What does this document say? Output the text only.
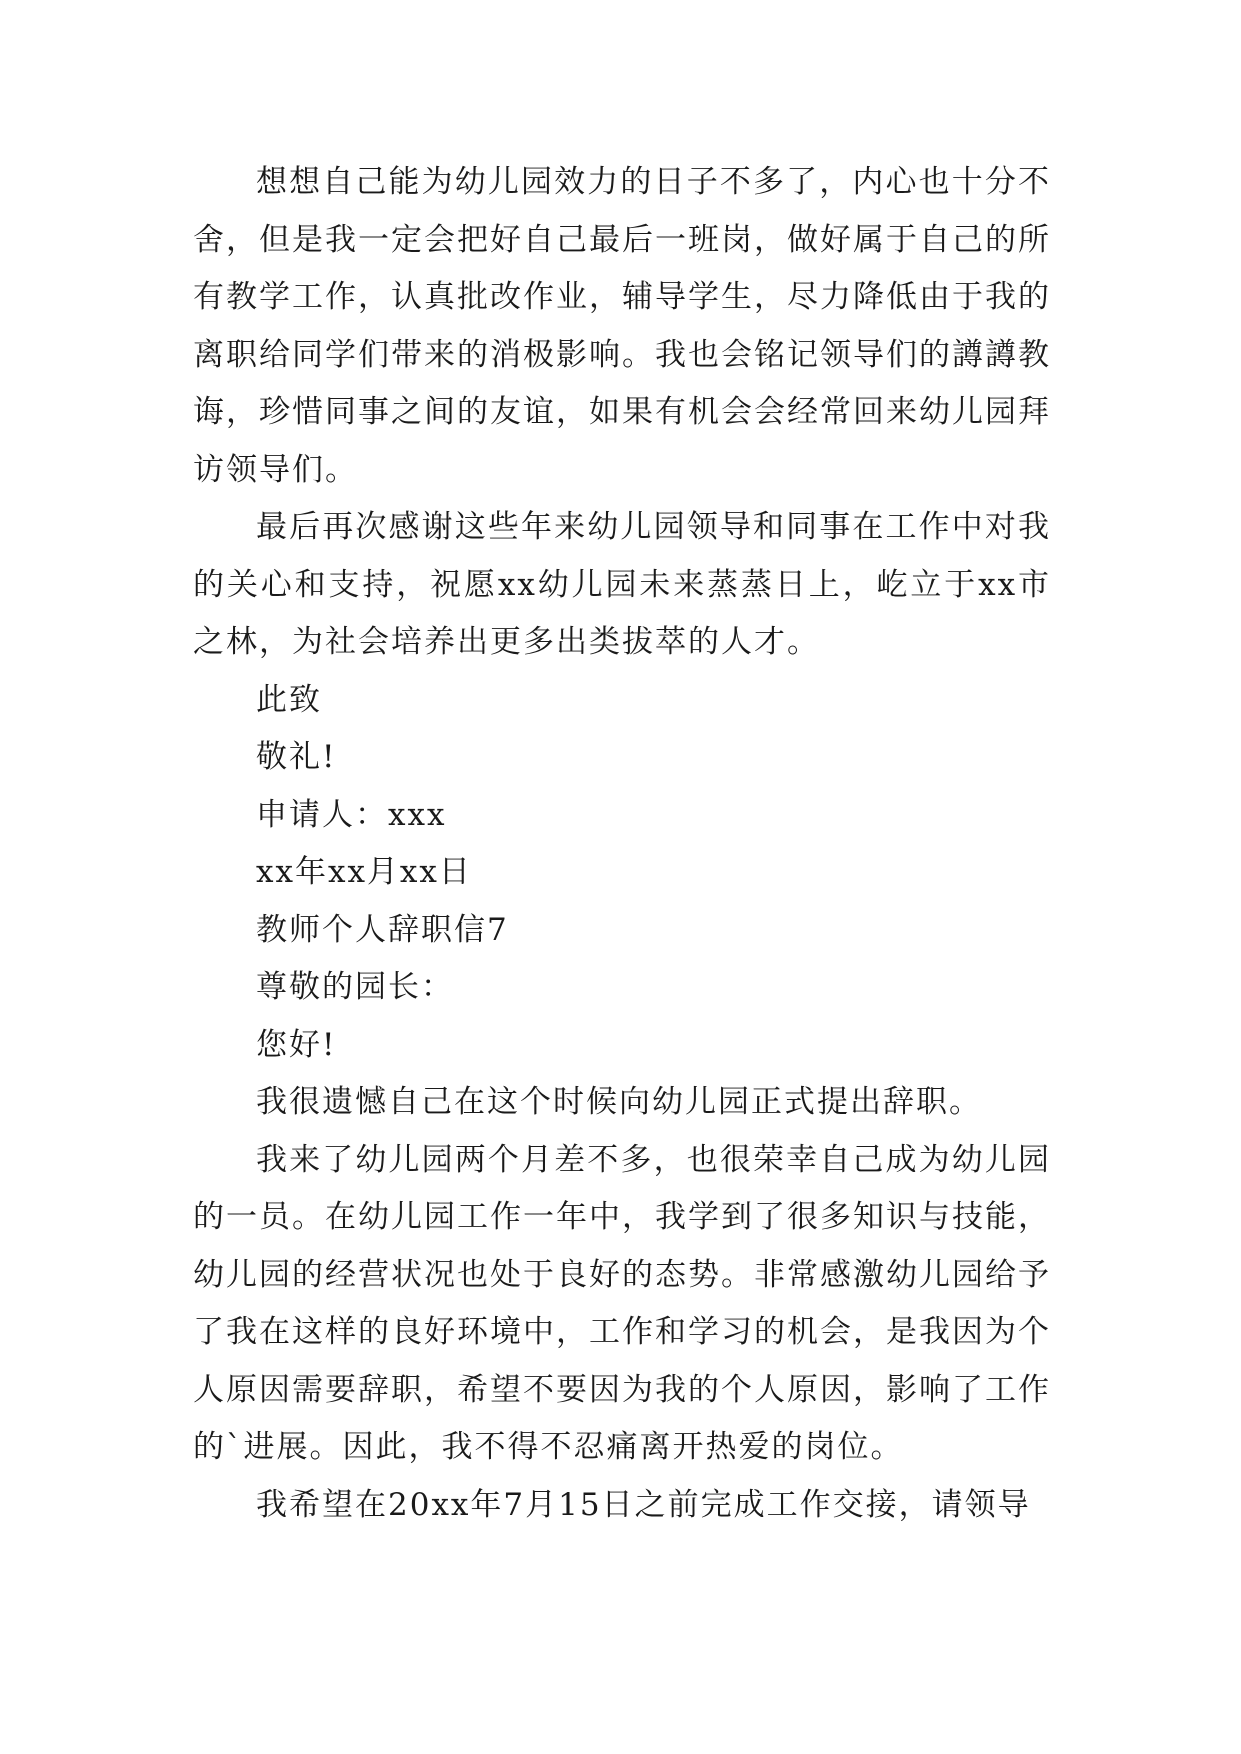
想想自己能为幼儿园效力的日子不多了，内心也十分不舍，但是我一定会把好自己最后一班岗，做好属于自己的所有教学工作，认真批改作业，辅导学生，尽力降低由于我的离职给同学们带来的消极影响。我也会铭记领导们的譐譐教诲，珍惜同事之间的友谊，如果有机会会经常回来幼儿园拜访领导们。

最后再次感谢这些年来幼儿园领导和同事在工作中对我的关心和支持，祝愿xx幼儿园未来蒸蒸日上，屹立于xx市之林，为社会培养出更多出类拔萃的人才。

此致

敬礼!

申请人：xxx

xx年xx月xx日

教师个人辞职信7

尊敬的园长：

您好!

我很遗憾自己在这个时候向幼儿园正式提出辞职。

我来了幼儿园两个月差不多，也很荣幸自己成为幼儿园的一员。在幼儿园工作一年中，我学到了很多知识与技能，幼儿园的经营状况也处于良好的态势。非常感激幼儿园给予了我在这样的良好环境中，工作和学习的机会，是我因为个人原因需要辞职，希望不要因为我的个人原因，影响了工作的`进展。因此，我不得不忍痛离开热爱的岗位。

我希望在20xx年7月15日之前完成工作交接，请领导
